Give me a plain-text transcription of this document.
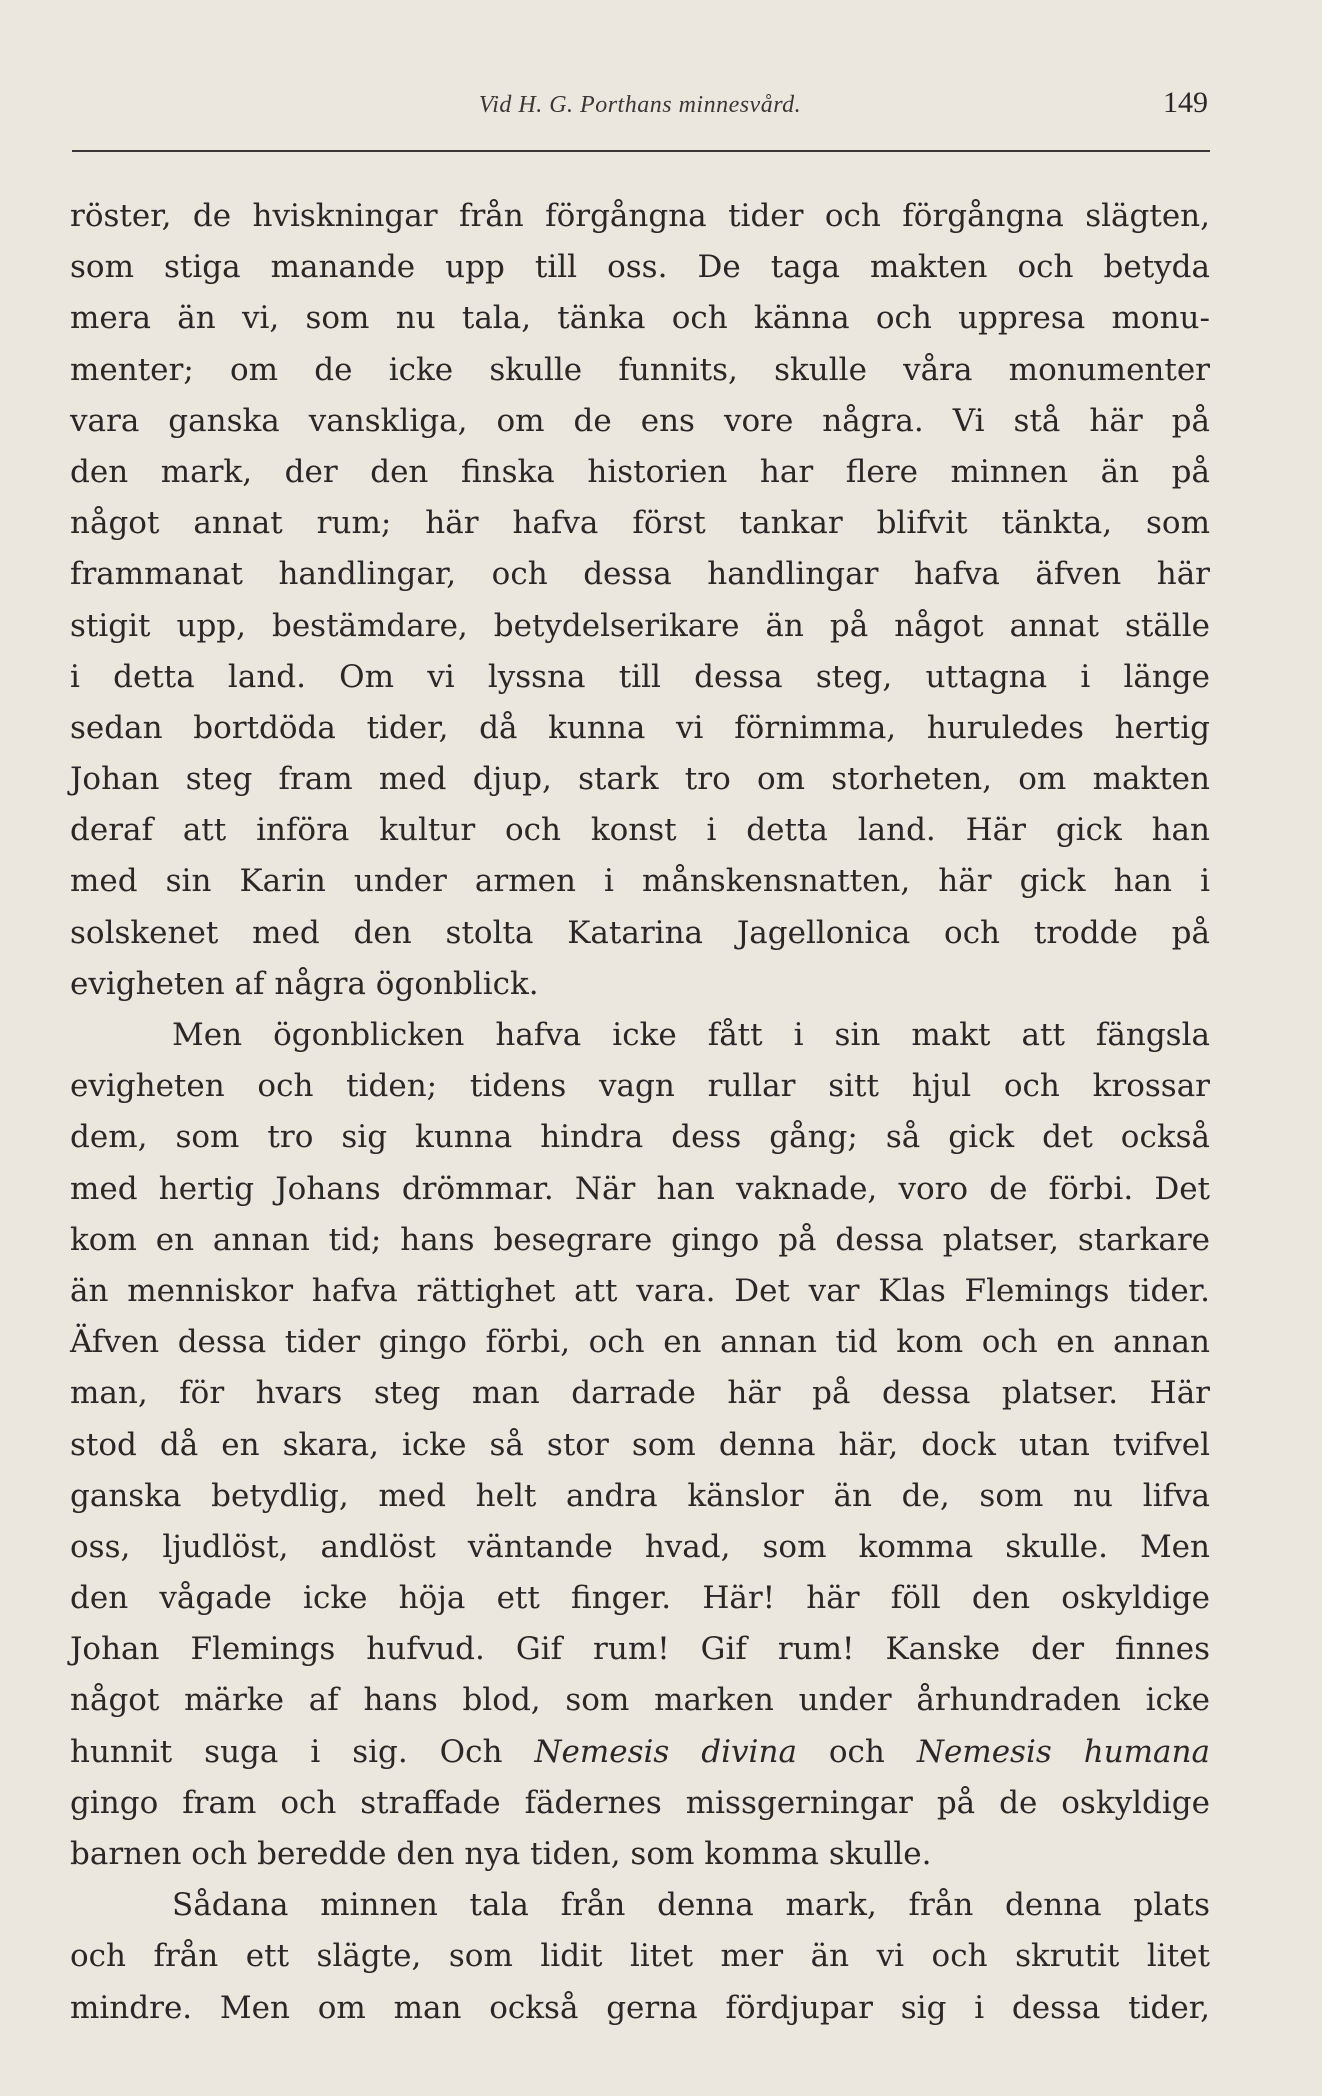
Vid H. G. Porthans minnesvård.	149
röster, de hviskningar från förgångna tider och förgångna slägten,
som stiga manande upp till oss. De taga makten och betyda
mera än vi, som nu tala, tänka och känna och uppresa monu-
menter; om de icke skulle funnits, skulle våra monumenter
vara ganska vanskliga, om de ens vore några. Vi stå här på
den mark, der den finska historien har flere minnen än på
något annat rum; här hafva först tankar blifvit tänkta, som
frammanat handlingar, och dessa handlingar hafva äfven här
stigit upp, bestämdare, betydelserikare än på något annat ställe
i detta land. Om vi lyssna till dessa steg, uttagna i länge
sedan bortdöda tider, då kunna vi förnimma, huruledes hertig
Johan steg fram med djup, stark tro om storheten, om makten
deraf att införa kultur och konst i detta land. Här gick han
med sin Karin under armen i månskensnatten, här gick han i
solskenet med den stolta Katarina Jagellonica och trodde på
evigheten af några ögonblick.
Men ögonblicken hafva icke fått i sin makt att fängsla
evigheten och tiden; tidens vagn rullar sitt hjul och krossar
dem, som tro sig kunna hindra dess gång; så gick det också
med hertig Johans drömmar. När han vaknade, voro de förbi. Det
kom en annan tid; hans besegrare gingo på dessa platser, starkare
än menniskor hafva rättighet att vara. Det var Klas Flemings tider.
Äfven dessa tider gingo förbi, och en annan tid kom och en annan
man, för hvars steg man darrade här på dessa platser. Här
stod då en skara, icke så stor som denna här, dock utan tvifvel
ganska betydlig, med helt andra känslor än de, som nu lifva
oss, ljudlöst, andlöst väntande hvad, som komma skulle. Men
den vågade icke höja ett finger. Här! här föll den oskyldige
Johan Flemings hufvud. Gif rum! Gif rum! Kanske der finnes
något märke af hans blod, som marken under århundraden icke
hunnit suga i sig. Och Nemesis divina och Nemesis humana
gingo fram och straffade fädernes missgerningar på de oskyldige
barnen och beredde den nya tiden, som komma skulle.
Sådana minnen tala från denna mark, från denna plats
och från ett slägte, som lidit litet mer än vi och skrutit litet
mindre. Men om man också gerna fördjupar sig i dessa tider,
